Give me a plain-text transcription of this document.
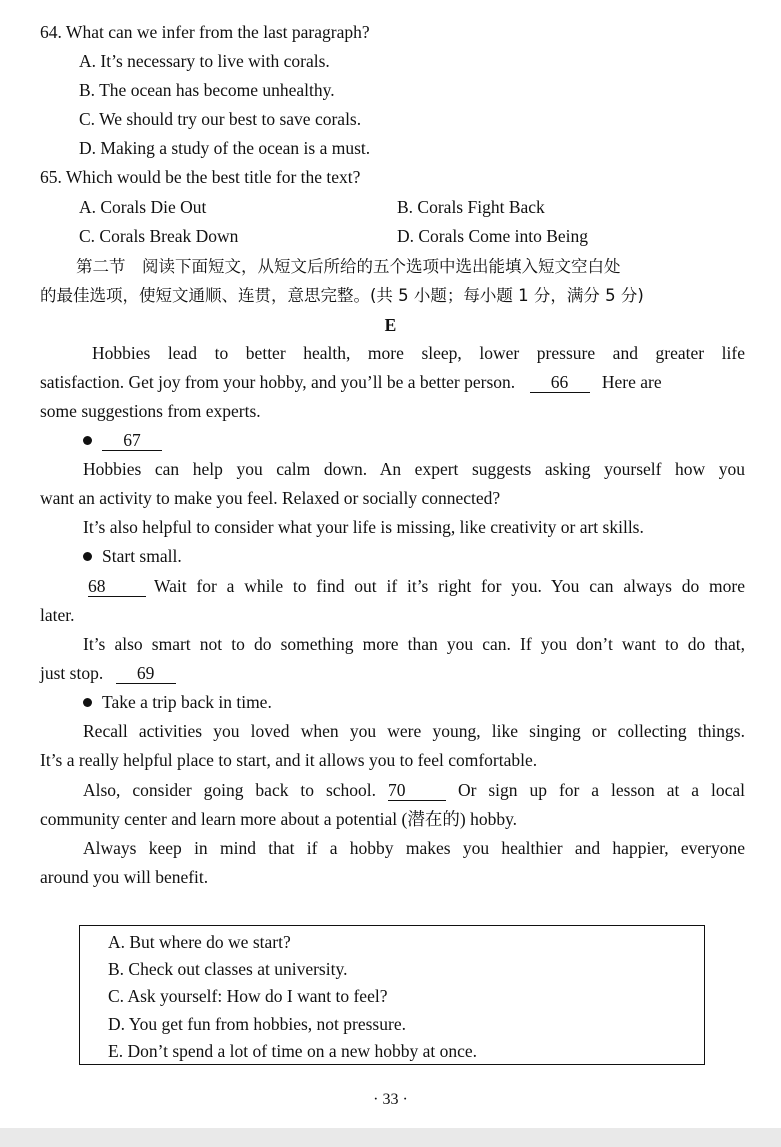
64. What can we infer from the last paragraph?
A. It’s necessary to live with corals.
B. The ocean has become unhealthy.
C. We should try our best to save corals.
D. Making a study of the ocean is a must.
65. Which would be the best title for the text?
A. Corals Die Out	B. Corals Fight Back
C. Corals Break Down	D. Corals Come into Being
第二节　阅读下面短文，从短文后所给的五个选项中选出能填入短文空白处
的最佳选项，使短文通顺、连贯，意思完整。(共 5 小题；每小题 1 分，满分 5 分)
E
Hobbies lead to better health, more sleep, lower pressure and greater life
satisfaction. Get joy from your hobby, and you’ll be a better person. 66 Here are
some suggestions from experts.
67
Hobbies can help you calm down. An expert suggests asking yourself how you
want an activity to make you feel. Relaxed or socially connected?
It’s also helpful to consider what your life is missing, like creativity or art skills.
Start small.
68	Wait for a while to find out if it’s right for you. You can always do more
later.
It’s also smart not to do something more than you can. If you don’t want to do that,
just stop. 69
Take a trip back in time.
Recall activities you loved when you were young, like singing or collecting things.
It’s a really helpful place to start, and it allows you to feel comfortable.
Also, consider going back to school. 70	Or sign up for a lesson at a local
community center and learn more about a potential (潜在的) hobby.
Always keep in mind that if a hobby makes you healthier and happier, everyone
around you will benefit.
A. But where do we start?
B. Check out classes at university.
C. Ask yourself: How do I want to feel?
D. You get fun from hobbies, not pressure.
E. Don’t spend a lot of time on a new hobby at once.
· 33 ·
